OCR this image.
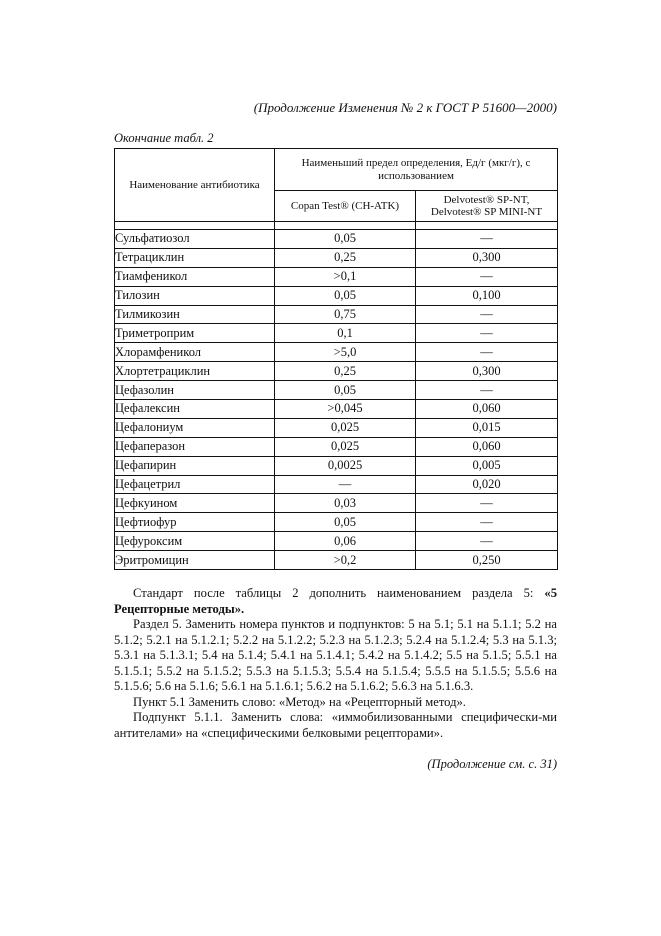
(Продолжение Изменения № 2 к ГОСТ Р 51600—2000)
Окончание табл. 2
Наименование антибиотика	Наименьший предел определения, Ед/г (мкг/г), с использованием	
	Copan Test® (CH-ATK)	Delvotest® SP-NT,
Delvotest® SP MINI-NT

Сульфатиозол	0,05	—
Тетрациклин	0,25	0,300
Тиамфеникол	>0,1	—
Тилозин	0,05	0,100
Тилмикозин	0,75	—
Триметроприм	0,1	—
Хлорамфеникол	>5,0	—
Хлортетрациклин	0,25	0,300
Цефазолин	0,05	—
Цефалексин	>0,045	0,060
Цефалониум	0,025	0,015
Цефаперазон	0,025	0,060
Цефапирин	0,0025	0,005
Цефацетрил	—	0,020
Цефкуином	0,03	—
Цефтиофур	0,05	—
Цефуроксим	0,06	—
Эритромицин	>0,2	0,250

Стандарт после таблицы 2 дополнить наименованием раздела 5: «5 Рецепторные методы».

Раздел 5. Заменить номера пунктов и подпунктов: 5 на 5.1; 5.1 на 5.1.1; 5.2 на 5.1.2; 5.2.1 на 5.1.2.1; 5.2.2 на 5.1.2.2; 5.2.3 на 5.1.2.3; 5.2.4 на 5.1.2.4; 5.3 на 5.1.3; 5.3.1 на 5.1.3.1; 5.4 на 5.1.4; 5.4.1 на 5.1.4.1; 5.4.2 на 5.1.4.2; 5.5 на 5.1.5; 5.5.1 на 5.1.5.1; 5.5.2 на 5.1.5.2; 5.5.3 на 5.1.5.3; 5.5.4 на 5.1.5.4; 5.5.5 на 5.1.5.5; 5.5.6 на 5.1.5.6; 5.6 на 5.1.6; 5.6.1 на 5.1.6.1; 5.6.2 на 5.1.6.2; 5.6.3 на 5.1.6.3.

Пункт 5.1 Заменить слово: «Метод» на «Рецепторный метод».

Подпункт 5.1.1. Заменить слова: «иммобилизованными специфически-ми антителами» на «специфическими белковыми рецепторами».

(Продолжение см. с. 31)
